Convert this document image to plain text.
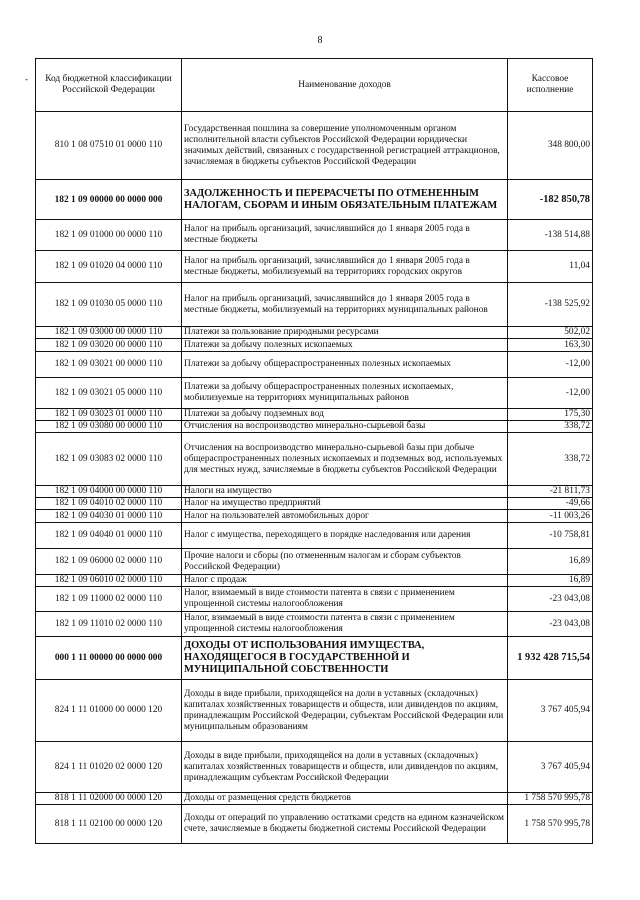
8
- Код бюджетной классификации Российской Федерации	Наименование доходов	Кассовое исполнение
810 1 08 07510 01 0000 110	Государственная пошлина за совершение уполномоченным органом исполнительной власти субъектов Российской Федерации юридически значимых действий, связанных с государственной регистрацией аттракционов, зачисляемая в бюджеты субъектов Российской Федерации	348 800,00
182 1 09 00000 00 0000 000	ЗАДОЛЖЕННОСТЬ И ПЕРЕРАСЧЕТЫ ПО ОТМЕНЕННЫМ НАЛОГАМ, СБОРАМ И ИНЫМ ОБЯЗАТЕЛЬНЫМ ПЛАТЕЖАМ	-182 850,78
182 1 09 01000 00 0000 110	Налог на прибыль организаций, зачислявшийся до 1 января 2005 года в местные бюджеты	-138 514,88
182 1 09 01020 04 0000 110	Налог на прибыль организаций, зачислявшийся до 1 января 2005 года в местные бюджеты, мобилизуемый на территориях городских округов	11,04
182 1 09 01030 05 0000 110	Налог на прибыль организаций, зачислявшийся до 1 января 2005 года в местные бюджеты, мобилизуемый на территориях муниципальных районов	-138 525,92
182 1 09 03000 00 0000 110	Платежи за пользование природными ресурсами	502,02
182 1 09 03020 00 0000 110	Платежи за добычу полезных ископаемых	163,30
182 1 09 03021 00 0000 110	Платежи за добычу общераспространенных полезных ископаемых	-12,00
182 1 09 03021 05 0000 110	Платежи за добычу общераспространенных полезных ископаемых, мобилизуемые на территориях муниципальных районов	-12,00
182 1 09 03023 01 0000 110	Платежи за добычу подземных вод	175,30
182 1 09 03080 00 0000 110	Отчисления на воспроизводство минерально-сырьевой базы	338,72
182 1 09 03083 02 0000 110	Отчисления на воспроизводство минерально-сырьевой базы при добыче общераспространенных полезных ископаемых и подземных вод, используемых для местных нужд, зачисляемые в бюджеты субъектов Российской Федерации	338,72
182 1 09 04000 00 0000 110	Налоги на имущество	-21 811,73
182 1 09 04010 02 0000 110	Налог на имущество предприятий	-49,66
182 1 09 04030 01 0000 110	Налог на пользователей автомобильных дорог	-11 003,26
182 1 09 04040 01 0000 110	Налог с имущества, переходящего в порядке наследования или дарения	-10 758,81
182 1 09 06000 02 0000 110	Прочие налоги и сборы (по отмененным налогам и сборам субъектов Российской Федерации)	16,89
182 1 09 06010 02 0000 110	Налог с продаж	16,89
182 1 09 11000 02 0000 110	Налог, взимаемый в виде стоимости патента в связи с применением упрощенной системы налогообложения	-23 043,08
182 1 09 11010 02 0000 110	Налог, взимаемый в виде стоимости патента в связи с применением упрощенной системы налогообложения	-23 043,08
000 1 11 00000 00 0000 000	ДОХОДЫ ОТ ИСПОЛЬЗОВАНИЯ ИМУЩЕСТВА, НАХОДЯЩЕГОСЯ В ГОСУДАРСТВЕННОЙ И МУНИЦИПАЛЬНОЙ СОБСТВЕННОСТИ	1 932 428 715,54
824 1 11 01000 00 0000 120	Доходы в виде прибыли, приходящейся на доли в уставных (складочных) капиталах хозяйственных товариществ и обществ, или дивидендов по акциям, принадлежащим Российской Федерации, субъектам Российской Федерации или муниципальным образованиям	3 767 405,94
824 1 11 01020 02 0000 120	Доходы в виде прибыли, приходящейся на доли в уставных (складочных) капиталах хозяйственных товариществ и обществ, или дивидендов по акциям, принадлежащим субъектам Российской Федерации	3 767 405,94
818 1 11 02000 00 0000 120	Доходы от размещения средств бюджетов	1 758 570 995,78
818 1 11 02100 00 0000 120	Доходы от операций по управлению остатками средств на едином казначейском счете, зачисляемые в бюджеты бюджетной системы Российской Федерации	1 758 570 995,78
